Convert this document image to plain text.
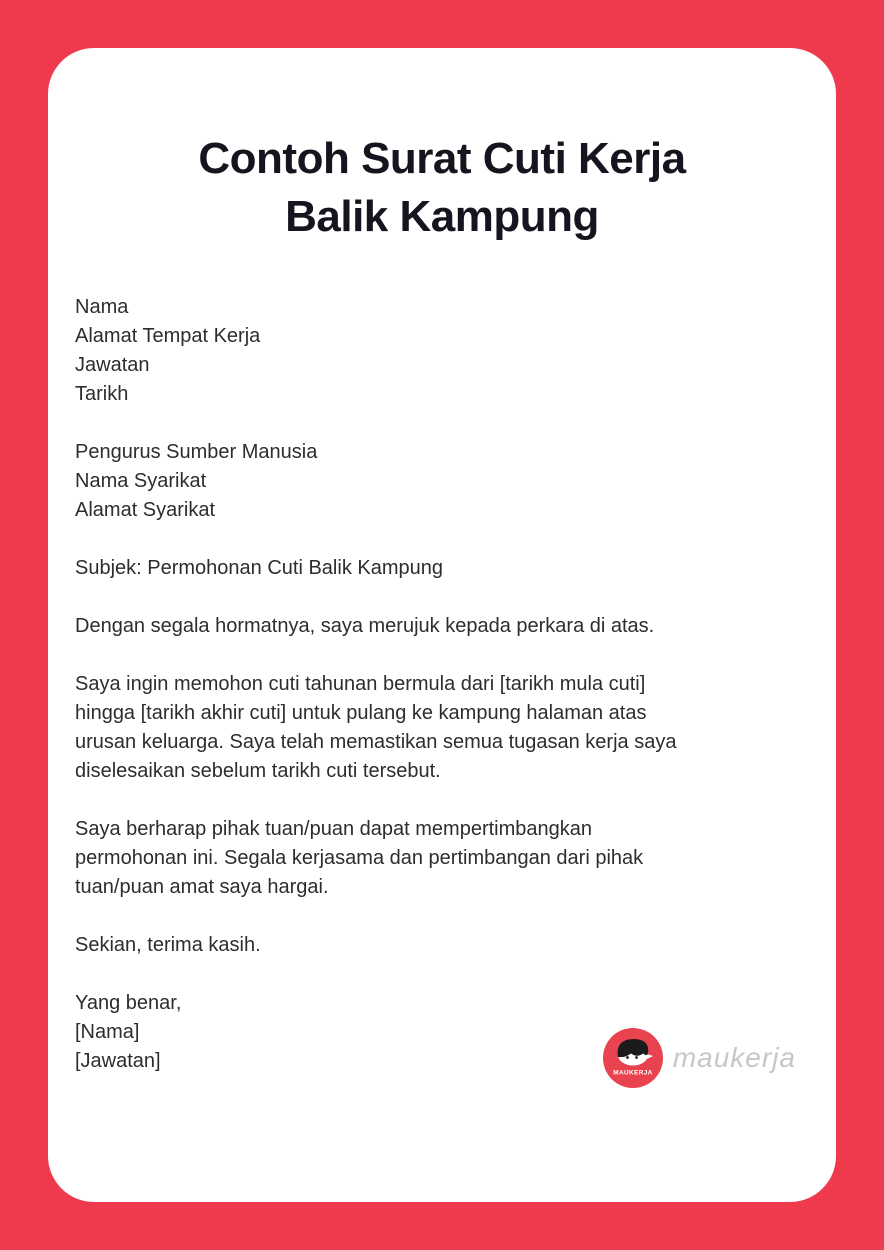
Contoh Surat Cuti Kerja
Balik Kampung
Nama
Alamat Tempat Kerja
Jawatan
Tarikh
Pengurus Sumber Manusia
Nama Syarikat
Alamat Syarikat
Subjek: Permohonan Cuti Balik Kampung
Dengan segala hormatnya, saya merujuk kepada perkara di atas.
Saya ingin memohon cuti tahunan bermula dari [tarikh mula cuti]
hingga [tarikh akhir cuti] untuk pulang ke kampung halaman atas
urusan keluarga. Saya telah memastikan semua tugasan kerja saya
diselesaikan sebelum tarikh cuti tersebut.
Saya berharap pihak tuan/puan dapat mempertimbangkan
permohonan ini. Segala kerjasama dan pertimbangan dari pihak
tuan/puan amat saya hargai.
Sekian, terima kasih.
Yang benar,
[Nama]
[Jawatan]
MAUKERJA maukerja
